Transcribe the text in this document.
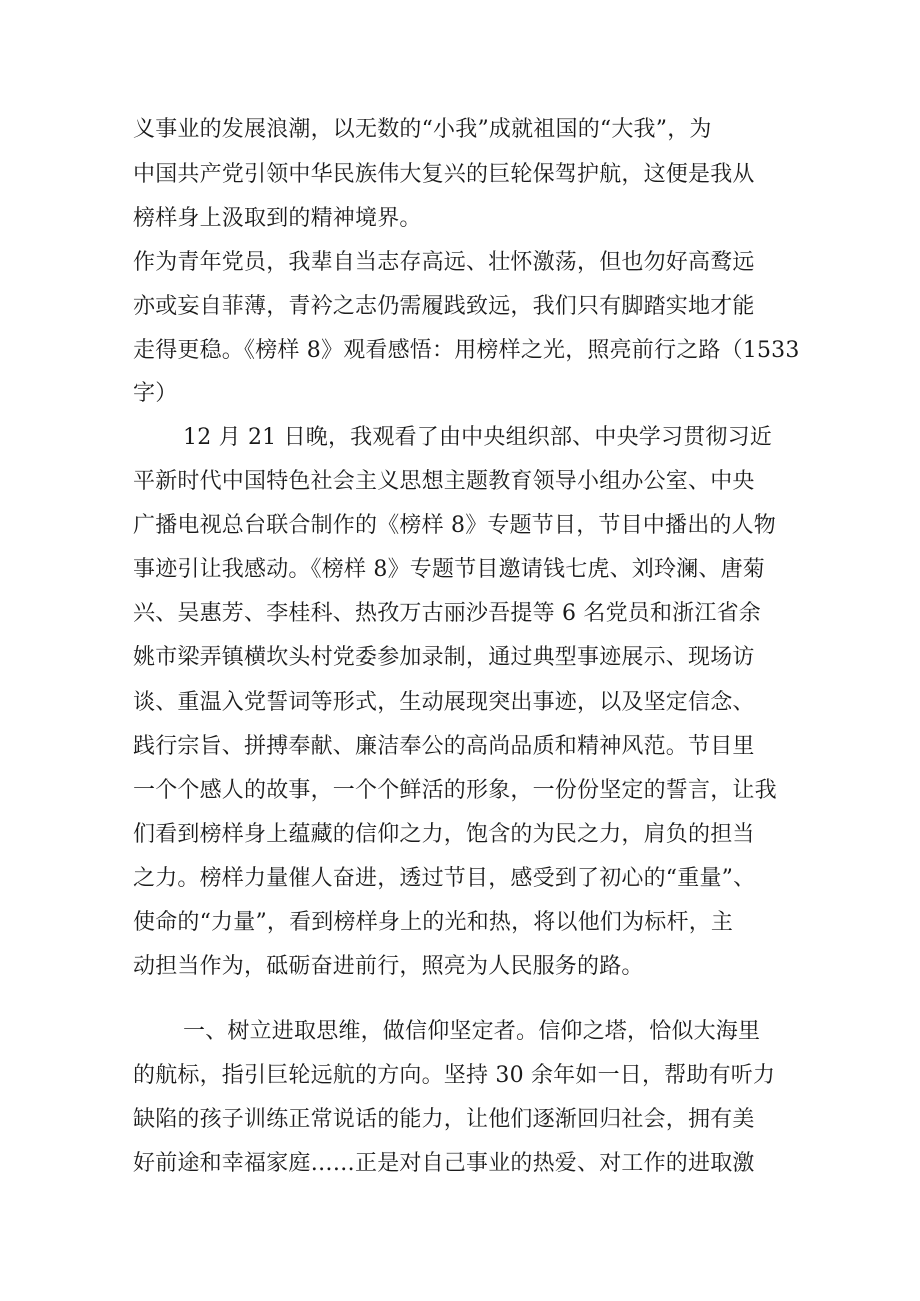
义事业的发展浪潮，以无数的“小我”成就祖国的“大我”，为
中国共产党引领中华民族伟大复兴的巨轮保驾护航，这便是我从
榜样身上汲取到的精神境界。
作为青年党员，我辈自当志存高远、壮怀激荡，但也勿好高鹜远
亦或妄自菲薄，青衿之志仍需履践致远，我们只有脚踏实地才能
走得更稳。《榜样 8》观看感悟：用榜样之光，照亮前行之路（1533
字）
12 月 21 日晚，我观看了由中央组织部、中央学习贯彻习近
平新时代中国特色社会主义思想主题教育领导小组办公室、中央
广播电视总台联合制作的《榜样 8》专题节目，节目中播出的人物
事迹引让我感动。《榜样 8》专题节目邀请钱七虎、刘玲澜、唐菊
兴、吴惠芳、李桂科、热孜万古丽沙吾提等 6 名党员和浙江省余
姚市梁弄镇横坎头村党委参加录制，通过典型事迹展示、现场访
谈、重温入党誓词等形式，生动展现突出事迹，以及坚定信念、
践行宗旨、拼搏奉献、廉洁奉公的高尚品质和精神风范。节目里
一个个感人的故事，一个个鲜活的形象，一份份坚定的誓言，让我
们看到榜样身上蕴藏的信仰之力，饱含的为民之力，肩负的担当
之力。榜样力量催人奋进，透过节目，感受到了初心的“重量”、
使命的“力量”，看到榜样身上的光和热，将以他们为标杆，主
动担当作为，砥砺奋进前行，照亮为人民服务的路。
一、树立进取思维，做信仰坚定者。信仰之塔，恰似大海里
的航标，指引巨轮远航的方向。坚持 30 余年如一日，帮助有听力
缺陷的孩子训练正常说话的能力，让他们逐渐回归社会，拥有美
好前途和幸福家庭……正是对自己事业的热爱、对工作的进取激
